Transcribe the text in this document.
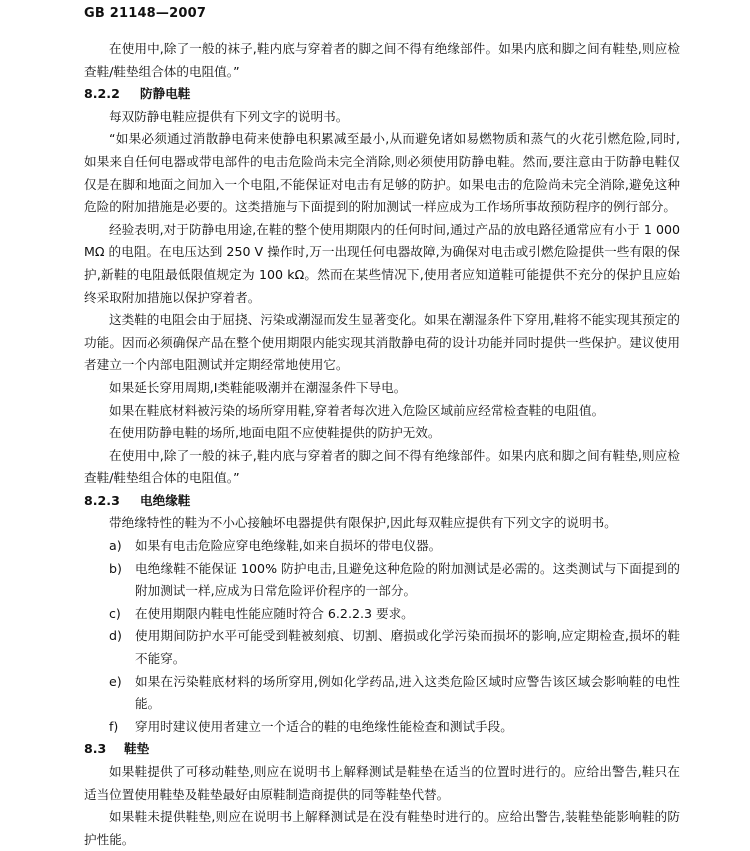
GB 21148—2007

在使用中,除了一般的袜子,鞋内底与穿着者的脚之间不得有绝缘部件。如果内底和脚之间有鞋垫,则应检查鞋/鞋垫组合体的电阻值。”

8.2.2	防静电鞋

每双防静电鞋应提供有下列文字的说明书。

“如果必须通过消散静电荷来使静电积累减至最小,从而避免诸如易燃物质和蒸气的火花引燃危险,同时,如果来自任何电器或带电部件的电击危险尚未完全消除,则必须使用防静电鞋。然而,要注意由于防静电鞋仅仅是在脚和地面之间加入一个电阻,不能保证对电击有足够的防护。如果电击的危险尚未完全消除,避免这种危险的附加措施是必要的。这类措施与下面提到的附加测试一样应成为工作场所事故预防程序的例行部分。

经验表明,对于防静电用途,在鞋的整个使用期限内的任何时间,通过产品的放电路径通常应有小于 1 000 MΩ 的电阻。在电压达到 250 V 操作时,万一出现任何电器故障,为确保对电击或引燃危险提供一些有限的保护,新鞋的电阻最低限值规定为 100 kΩ。然而在某些情况下,使用者应知道鞋可能提供不充分的保护且应始终采取附加措施以保护穿着者。

这类鞋的电阻会由于屈挠、污染或潮湿而发生显著变化。如果在潮湿条件下穿用,鞋将不能实现其预定的功能。因而必须确保产品在整个使用期限内能实现其消散静电荷的设计功能并同时提供一些保护。建议使用者建立一个内部电阻测试并定期经常地使用它。

如果延长穿用周期,Ⅰ类鞋能吸潮并在潮湿条件下导电。

如果在鞋底材料被污染的场所穿用鞋,穿着者每次进入危险区域前应经常检查鞋的电阻值。

在使用防静电鞋的场所,地面电阻不应使鞋提供的防护无效。

在使用中,除了一般的袜子,鞋内底与穿着者的脚之间不得有绝缘部件。如果内底和脚之间有鞋垫,则应检查鞋/鞋垫组合体的电阻值。”

8.2.3	电绝缘鞋

带绝缘特性的鞋为不小心接触坏电器提供有限保护,因此每双鞋应提供有下列文字的说明书。

a)	如果有电击危险应穿电绝缘鞋,如来自损坏的带电仪器。
b)	电绝缘鞋不能保证 100% 防护电击,且避免这种危险的附加测试是必需的。这类测试与下面提到的附加测试一样,应成为日常危险评价程序的一部分。
c)	在使用期限内鞋电性能应随时符合 6.2.2.3 要求。
d)	使用期间防护水平可能受到鞋被刻痕、切割、磨损或化学污染而损坏的影响,应定期检查,损坏的鞋不能穿。
e)	如果在污染鞋底材料的场所穿用,例如化学药品,进入这类危险区域时应警告该区域会影响鞋的电性能。
f)	穿用时建议使用者建立一个适合的鞋的电绝缘性能检查和测试手段。
8.3	鞋垫

如果鞋提供了可移动鞋垫,则应在说明书上解释测试是鞋垫在适当的位置时进行的。应给出警告,鞋只在适当位置使用鞋垫及鞋垫最好由原鞋制造商提供的同等鞋垫代替。

如果鞋未提供鞋垫,则应在说明书上解释测试是在没有鞋垫时进行的。应给出警告,装鞋垫能影响鞋的防护性能。
